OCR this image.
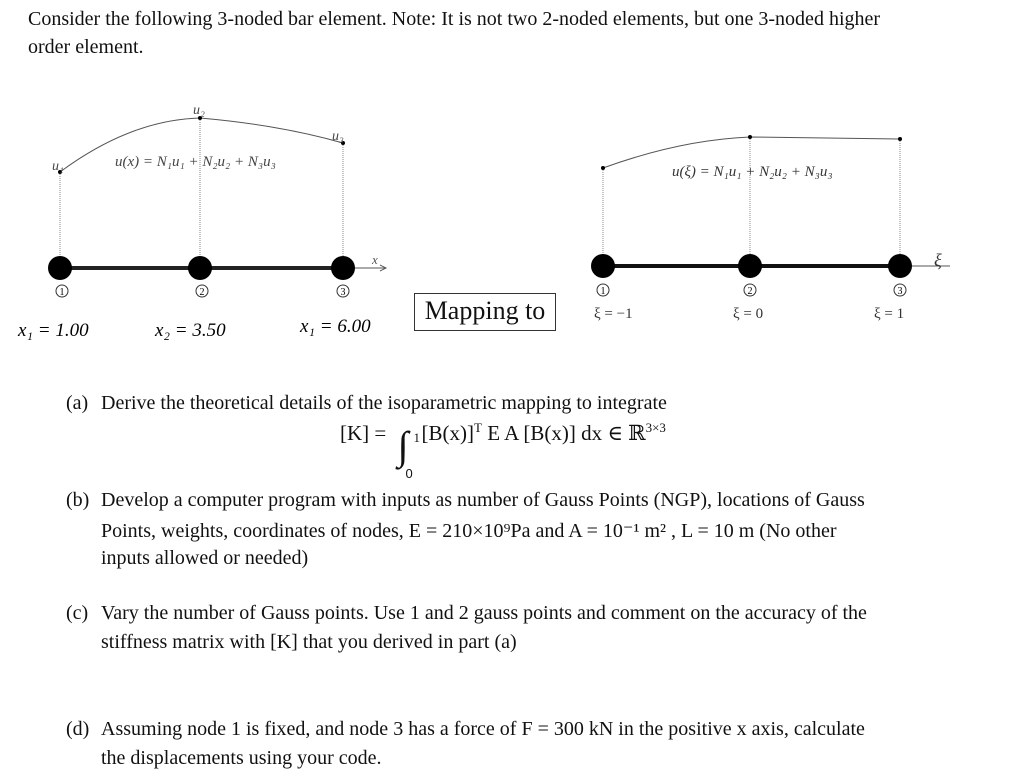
Consider the following 3-noded bar element. Note: It is not two 2-noded elements, but one 3-noded higher
order element.
1	2	3
u₁
u₂
u₃
u(x) = N₁u₁ + N₂u₂ + N₃u₃
x
x₁ = 1.00	x₂ = 3.50	x₁ = 6.00
1	2	3
u(ξ) = N₁u₁ + N₂u₂ + N₃u₃
ξ
ξ = −1	ξ = 0	ξ = 1
Mapping to
(a) Derive the theoretical details of the isoparametric mapping to integrate
[K] = ∫ 1
0
$[B(x)]^T$ E A [B(x)] dx ∈ ℝ$^{3\times 3}$
(b) Develop a computer program with inputs as number of Gauss Points (NGP), locations of Gauss
Points, weights, coordinates of nodes, E = 210×10⁹Pa and A = 10⁻¹ m² , L = 10 m (No other
inputs allowed or needed)
(c) Vary the number of Gauss points. Use 1 and 2 gauss points and comment on the accuracy of the
stiffness matrix with [K] that you derived in part (a)
(d) Assuming node 1 is fixed, and node 3 has a force of F = 300 kN in the positive x axis, calculate
the displacements using your code.
